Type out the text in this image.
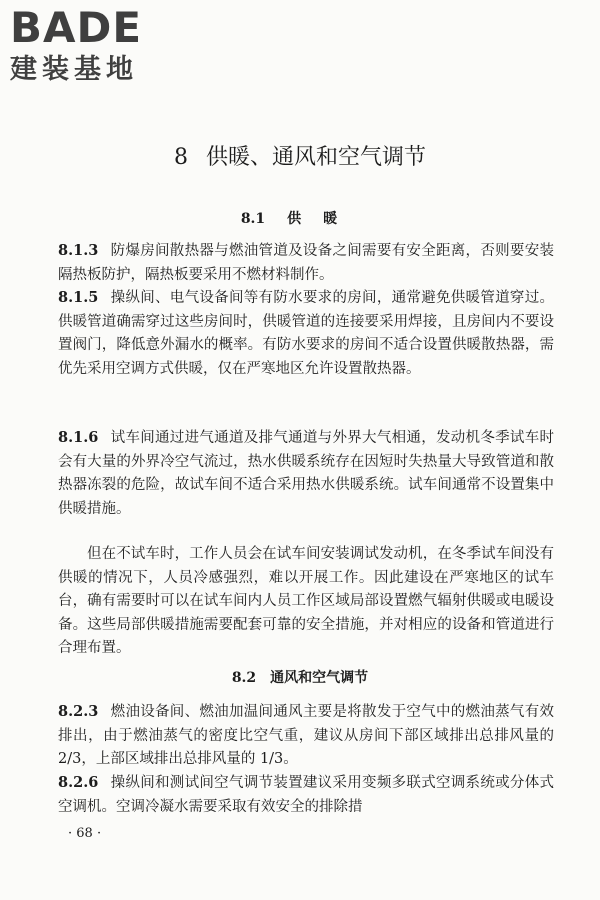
BADE
建装基地
8 供暖、通风和空气调节
8.1 供暖

8.1.3 防爆房间散热器与燃油管道及设备之间需要有安全距离，否则要安装隔热板防护，隔热板要采用不燃材料制作。

8.1.5 操纵间、电气设备间等有防水要求的房间，通常避免供暖管道穿过。供暖管道确需穿过这些房间时，供暖管道的连接要采用焊接，且房间内不要设置阀门，降低意外漏水的概率。有防水要求的房间不适合设置供暖散热器，需优先采用空调方式供暖，仅在严寒地区允许设置散热器。

8.1.6 试车间通过进气通道及排气通道与外界大气相通，发动机冬季试车时会有大量的外界冷空气流过，热水供暖系统存在因短时失热量大导致管道和散热器冻裂的危险，故试车间不适合采用热水供暖系统。试车间通常不设置集中供暖措施。

但在不试车时，工作人员会在试车间安装调试发动机，在冬季试车间没有供暖的情况下，人员冷感强烈，难以开展工作。因此建设在严寒地区的试车台，确有需要时可以在试车间内人员工作区域局部设置燃气辐射供暖或电暖设备。这些局部供暖措施需要配套可靠的安全措施，并对相应的设备和管道进行合理布置。

8.2 通风和空气调节

8.2.3 燃油设备间、燃油加温间通风主要是将散发于空气中的燃油蒸气有效排出，由于燃油蒸气的密度比空气重，建议从房间下部区域排出总排风量的 2/3，上部区域排出总排风量的 1/3。

8.2.6 操纵间和测试间空气调节装置建议采用变频多联式空调系统或分体式空调机。空调冷凝水需要采取有效安全的排除措

· 68 ·
